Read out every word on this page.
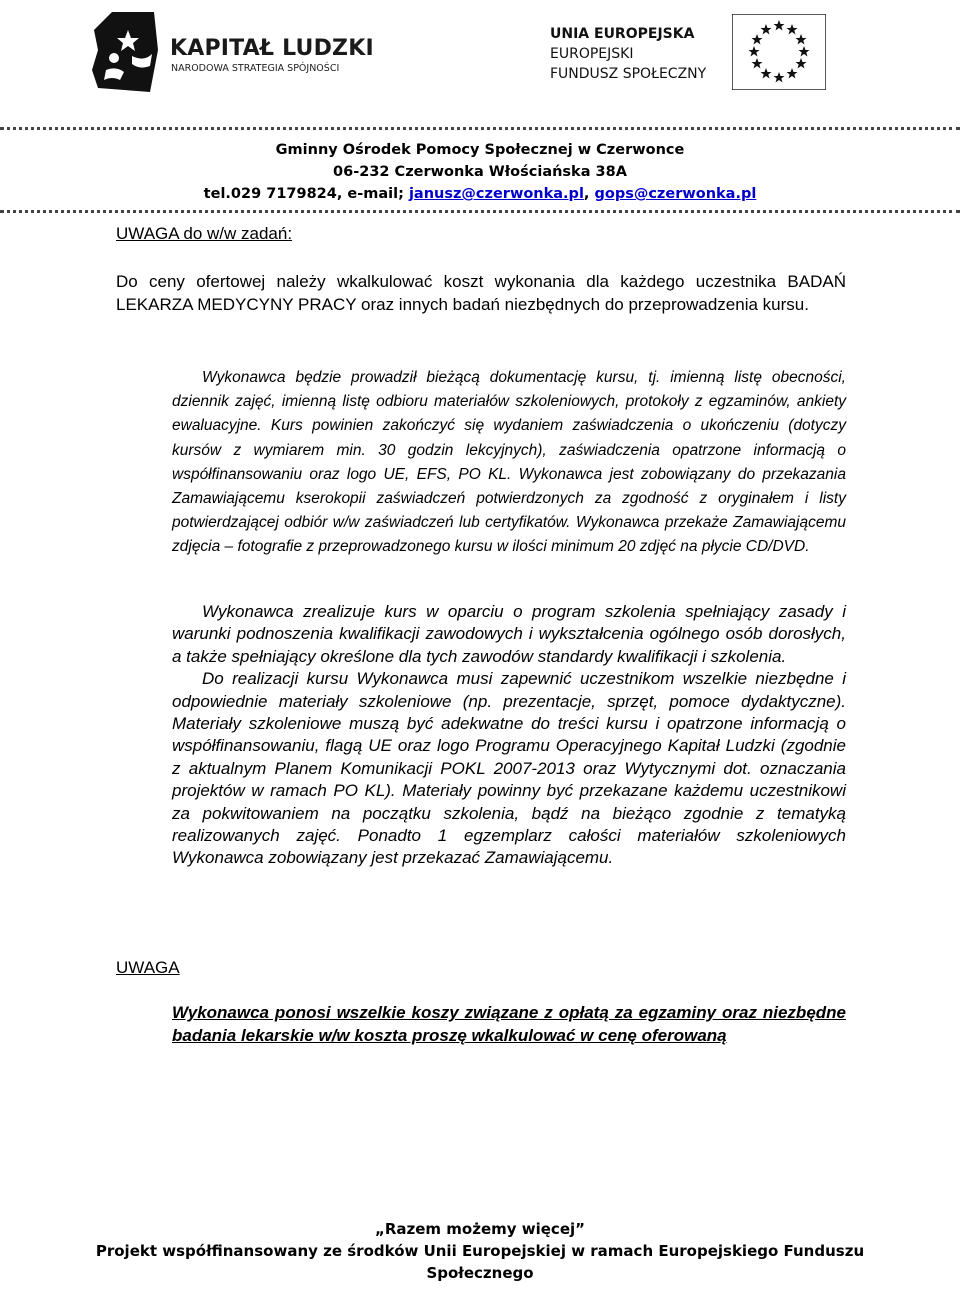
KAPITAŁ LUDZKI
NARODOWA STRATEGIA SPÓJNOŚCI
UNIA EUROPEJSKA
EUROPEJSKI
FUNDUSZ SPOŁECZNY
Gminny Ośrodek Pomocy Społecznej w Czerwonce
06-232 Czerwonka Włościańska 38A
tel.029 7179824, e-mail; janusz@czerwonka.pl, gops@czerwonka.pl
UWAGA do w/w zadań:

Do ceny ofertowej należy wkalkulować koszt wykonania dla każdego uczestnika BADAŃ LEKARZA MEDYCYNY PRACY oraz innych badań niezbędnych do przeprowadzenia kursu.

Wykonawca będzie prowadził bieżącą dokumentację kursu, tj. imienną listę obecności, dziennik zajęć, imienną listę odbioru materiałów szkoleniowych, protokoły z egzaminów, ankiety ewaluacyjne. Kurs powinien zakończyć się wydaniem zaświadczenia o ukończeniu (dotyczy kursów z wymiarem min. 30 godzin lekcyjnych), zaświadczenia opatrzone informacją o współfinansowaniu oraz logo UE, EFS, PO KL. Wykonawca jest zobowiązany do przekazania Zamawiającemu kserokopii zaświadczeń potwierdzonych za zgodność z oryginałem i listy potwierdzającej odbiór w/w zaświadczeń lub certyfikatów. Wykonawca przekaże Zamawiającemu zdjęcia – fotografie z przeprowadzonego kursu w ilości minimum 20 zdjęć na płycie CD/DVD.

Wykonawca zrealizuje kurs w oparciu o program szkolenia spełniający zasady i warunki podnoszenia kwalifikacji zawodowych i wykształcenia ogólnego osób dorosłych, a także spełniający określone dla tych zawodów standardy kwalifikacji i szkolenia.

Do realizacji kursu Wykonawca musi zapewnić uczestnikom wszelkie niezbędne i odpowiednie materiały szkoleniowe (np. prezentacje, sprzęt, pomoce dydaktyczne). Materiały szkoleniowe muszą być adekwatne do treści kursu i opatrzone informacją o współfinansowaniu, flagą UE oraz logo Programu Operacyjnego Kapitał Ludzki (zgodnie z aktualnym Planem Komunikacji POKL 2007-2013 oraz Wytycznymi dot. oznaczania projektów w ramach PO KL). Materiały powinny być przekazane każdemu uczestnikowi za pokwitowaniem na początku szkolenia, bądź na bieżąco zgodnie z tematyką realizowanych zajęć. Ponadto 1 egzemplarz całości materiałów szkoleniowych Wykonawca zobowiązany jest przekazać Zamawiającemu.

UWAGA

Wykonawca ponosi wszelkie koszy związane z opłatą za egzaminy oraz niezbędne badania lekarskie w/w koszta proszę wkalkulować w cenę oferowaną

„Razem możemy więcej”
Projekt współfinansowany ze środków Unii Europejskiej w ramach Europejskiego Funduszu
Społecznego
